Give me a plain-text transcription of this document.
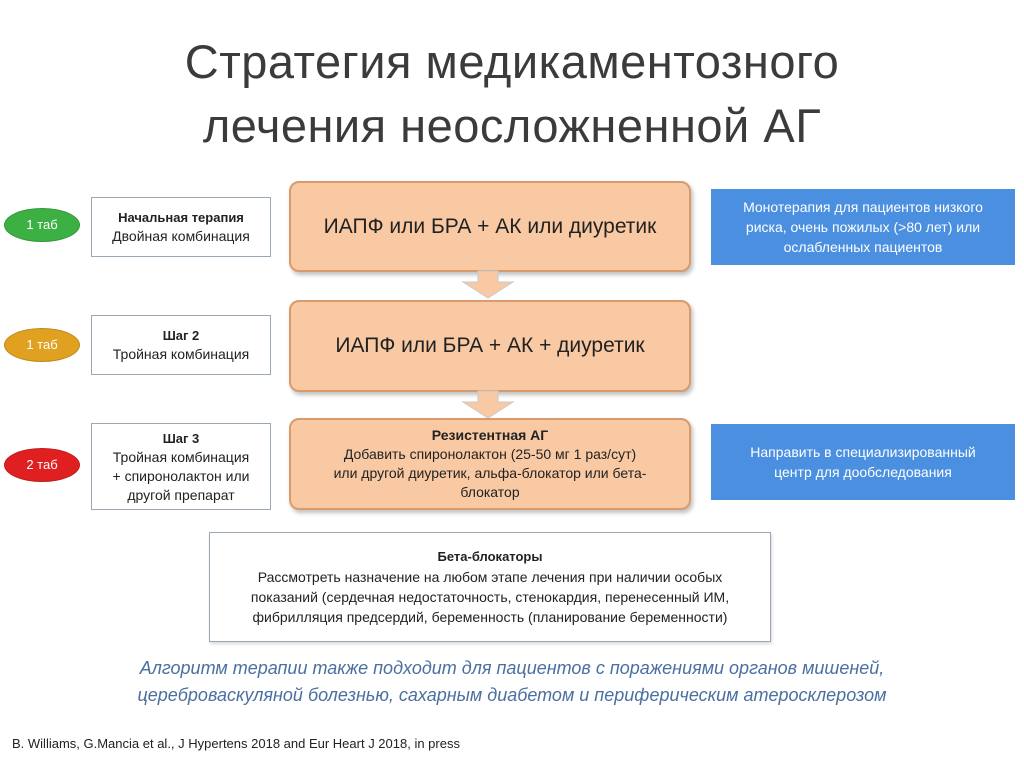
Стратегия медикаментозного
лечения неосложненной АГ
1 таб	Начальная терапия
Двойная комбинация	ИАПФ или БРА + АК или диуретик
Монотерапия для пациентов низкого
риска, очень пожилых (>80 лет) или
ослабленных пациентов
1 таб
Шаг 2
Тройная комбинация	ИАПФ или БРА + АК + диуретик
2 таб
Шаг 3
Тройная комбинация
+ спиронолактон или
другой препарат
Резистентная АГ
Добавить спиронолактон (25-50 мг 1 раз/сут)
или другой диуретик, альфа-блокатор или бета-
блокатор
Направить в специализированный
центр для дообследования
Бета-блокаторы
Рассмотреть назначение на любом этапе лечения при наличии особых
показаний (сердечная недостаточность, стенокардия, перенесенный ИМ,
фибрилляция предсердий, беременность (планирование беременности)
Алгоритм терапии также подходит для пациентов с поражениями органов мишеней,
цереброваскуляной болезнью, сахарным диабетом и периферическим атеросклерозом
B. Williams, G.Mancia et al., J Hypertens 2018 and Eur Heart J 2018, in press
